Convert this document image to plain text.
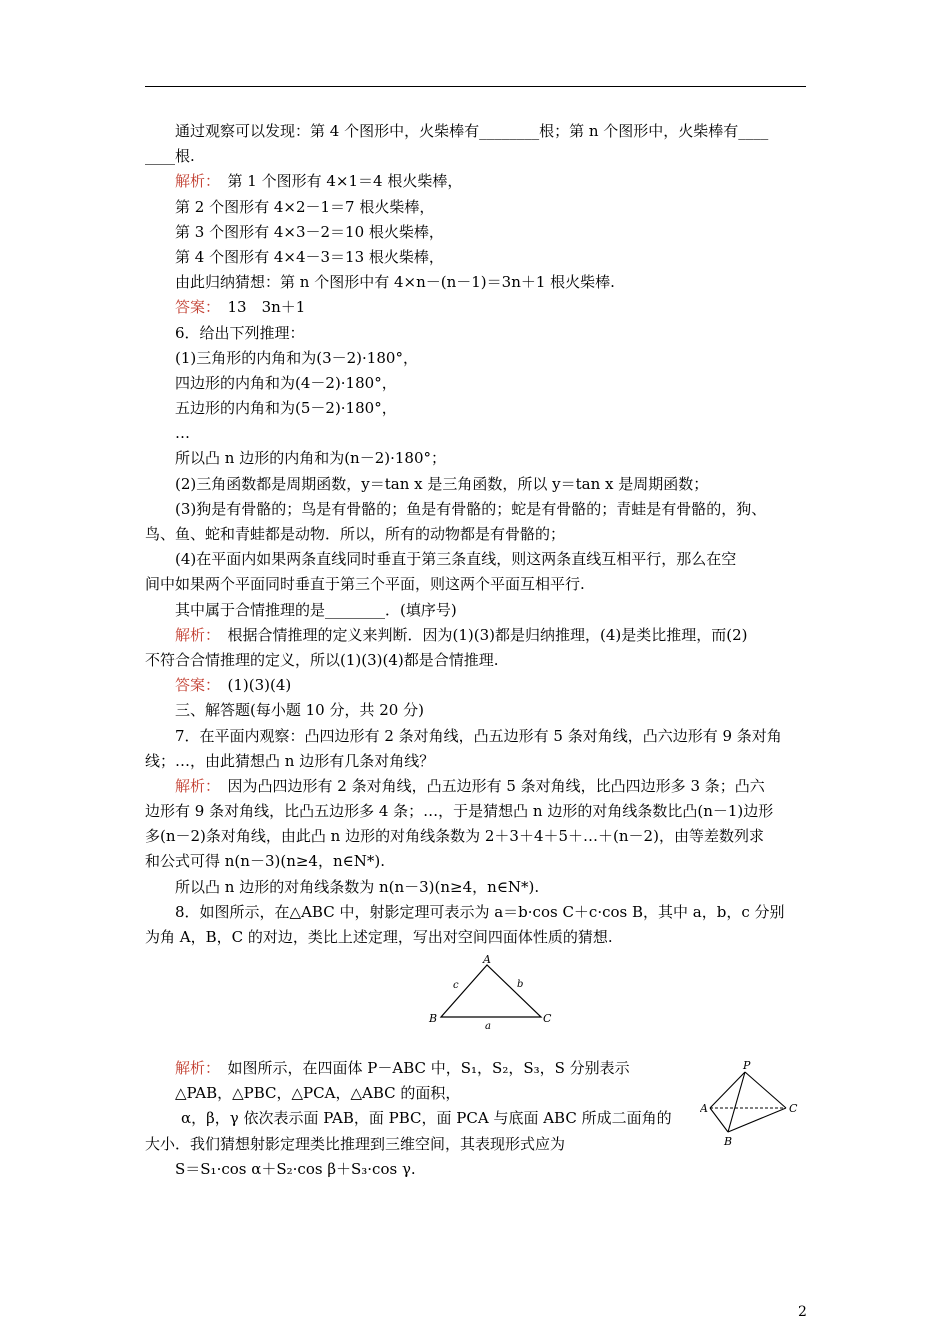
通过观察可以发现：第 4 个图形中，火柴棒有________根；第 n 个图形中，火柴棒有____
____根.
解析：　第 1 个图形有 4×1＝4 根火柴棒，
第 2 个图形有 4×2－1＝7 根火柴棒，
第 3 个图形有 4×3－2＝10 根火柴棒，
第 4 个图形有 4×4－3＝13 根火柴棒，
由此归纳猜想：第 n 个图形中有 4×n－(n－1)＝3n＋1 根火柴棒.
答案：　13　3n＋1
6．给出下列推理：
(1)三角形的内角和为(3－2)·180°，
四边形的内角和为(4－2)·180°，
五边形的内角和为(5－2)·180°，
…
所以凸 n 边形的内角和为(n－2)·180°；
(2)三角函数都是周期函数，y＝tan x 是三角函数，所以 y＝tan x 是周期函数；
(3)狗是有骨骼的；鸟是有骨骼的；鱼是有骨骼的；蛇是有骨骼的；青蛙是有骨骼的，狗、
鸟、鱼、蛇和青蛙都是动物．所以，所有的动物都是有骨骼的；
(4)在平面内如果两条直线同时垂直于第三条直线，则这两条直线互相平行，那么在空
间中如果两个平面同时垂直于第三个平面，则这两个平面互相平行.
其中属于合情推理的是________．(填序号)
解析：　根据合情推理的定义来判断．因为(1)(3)都是归纳推理，(4)是类比推理，而(2)
不符合合情推理的定义，所以(1)(3)(4)都是合情推理.
答案：　(1)(3)(4)
三、解答题(每小题 10 分，共 20 分)
7．在平面内观察：凸四边形有 2 条对角线，凸五边形有 5 条对角线，凸六边形有 9 条对角
线；…，由此猜想凸 n 边形有几条对角线？
解析：　因为凸四边形有 2 条对角线，凸五边形有 5 条对角线，比凸四边形多 3 条；凸六
边形有 9 条对角线，比凸五边形多 4 条；…，于是猜想凸 n 边形的对角线条数比凸(n－1)边形
多(n－2)条对角线，由此凸 n 边形的对角线条数为 2＋3＋4＋5＋…＋(n－2)，由等差数列求
和公式可得 n(n－3)(n≥4，n∈N*).
所以凸 n 边形的对角线条数为 n(n－3)(n≥4，n∈N*).
8．如图所示，在△ABC 中，射影定理可表示为 a＝b·cos C＋c·cos B，其中 a，b，c 分别
为角 A，B，C 的对边，类比上述定理，写出对空间四面体性质的猜想.
A
B	C
a
b
c
解析：　如图所示，在四面体 P－ABC 中，S₁，S₂，S₃，S 分别表示
△PAB，△PBC，△PCA，△ABC 的面积，
α，β，γ 依次表示面 PAB，面 PBC，面 PCA 与底面 ABC 所成二面角的
大小．我们猜想射影定理类比推理到三维空间，其表现形式应为
S＝S₁·cos α＋S₂·cos β＋S₃·cos γ.
P
A
B
C
2
